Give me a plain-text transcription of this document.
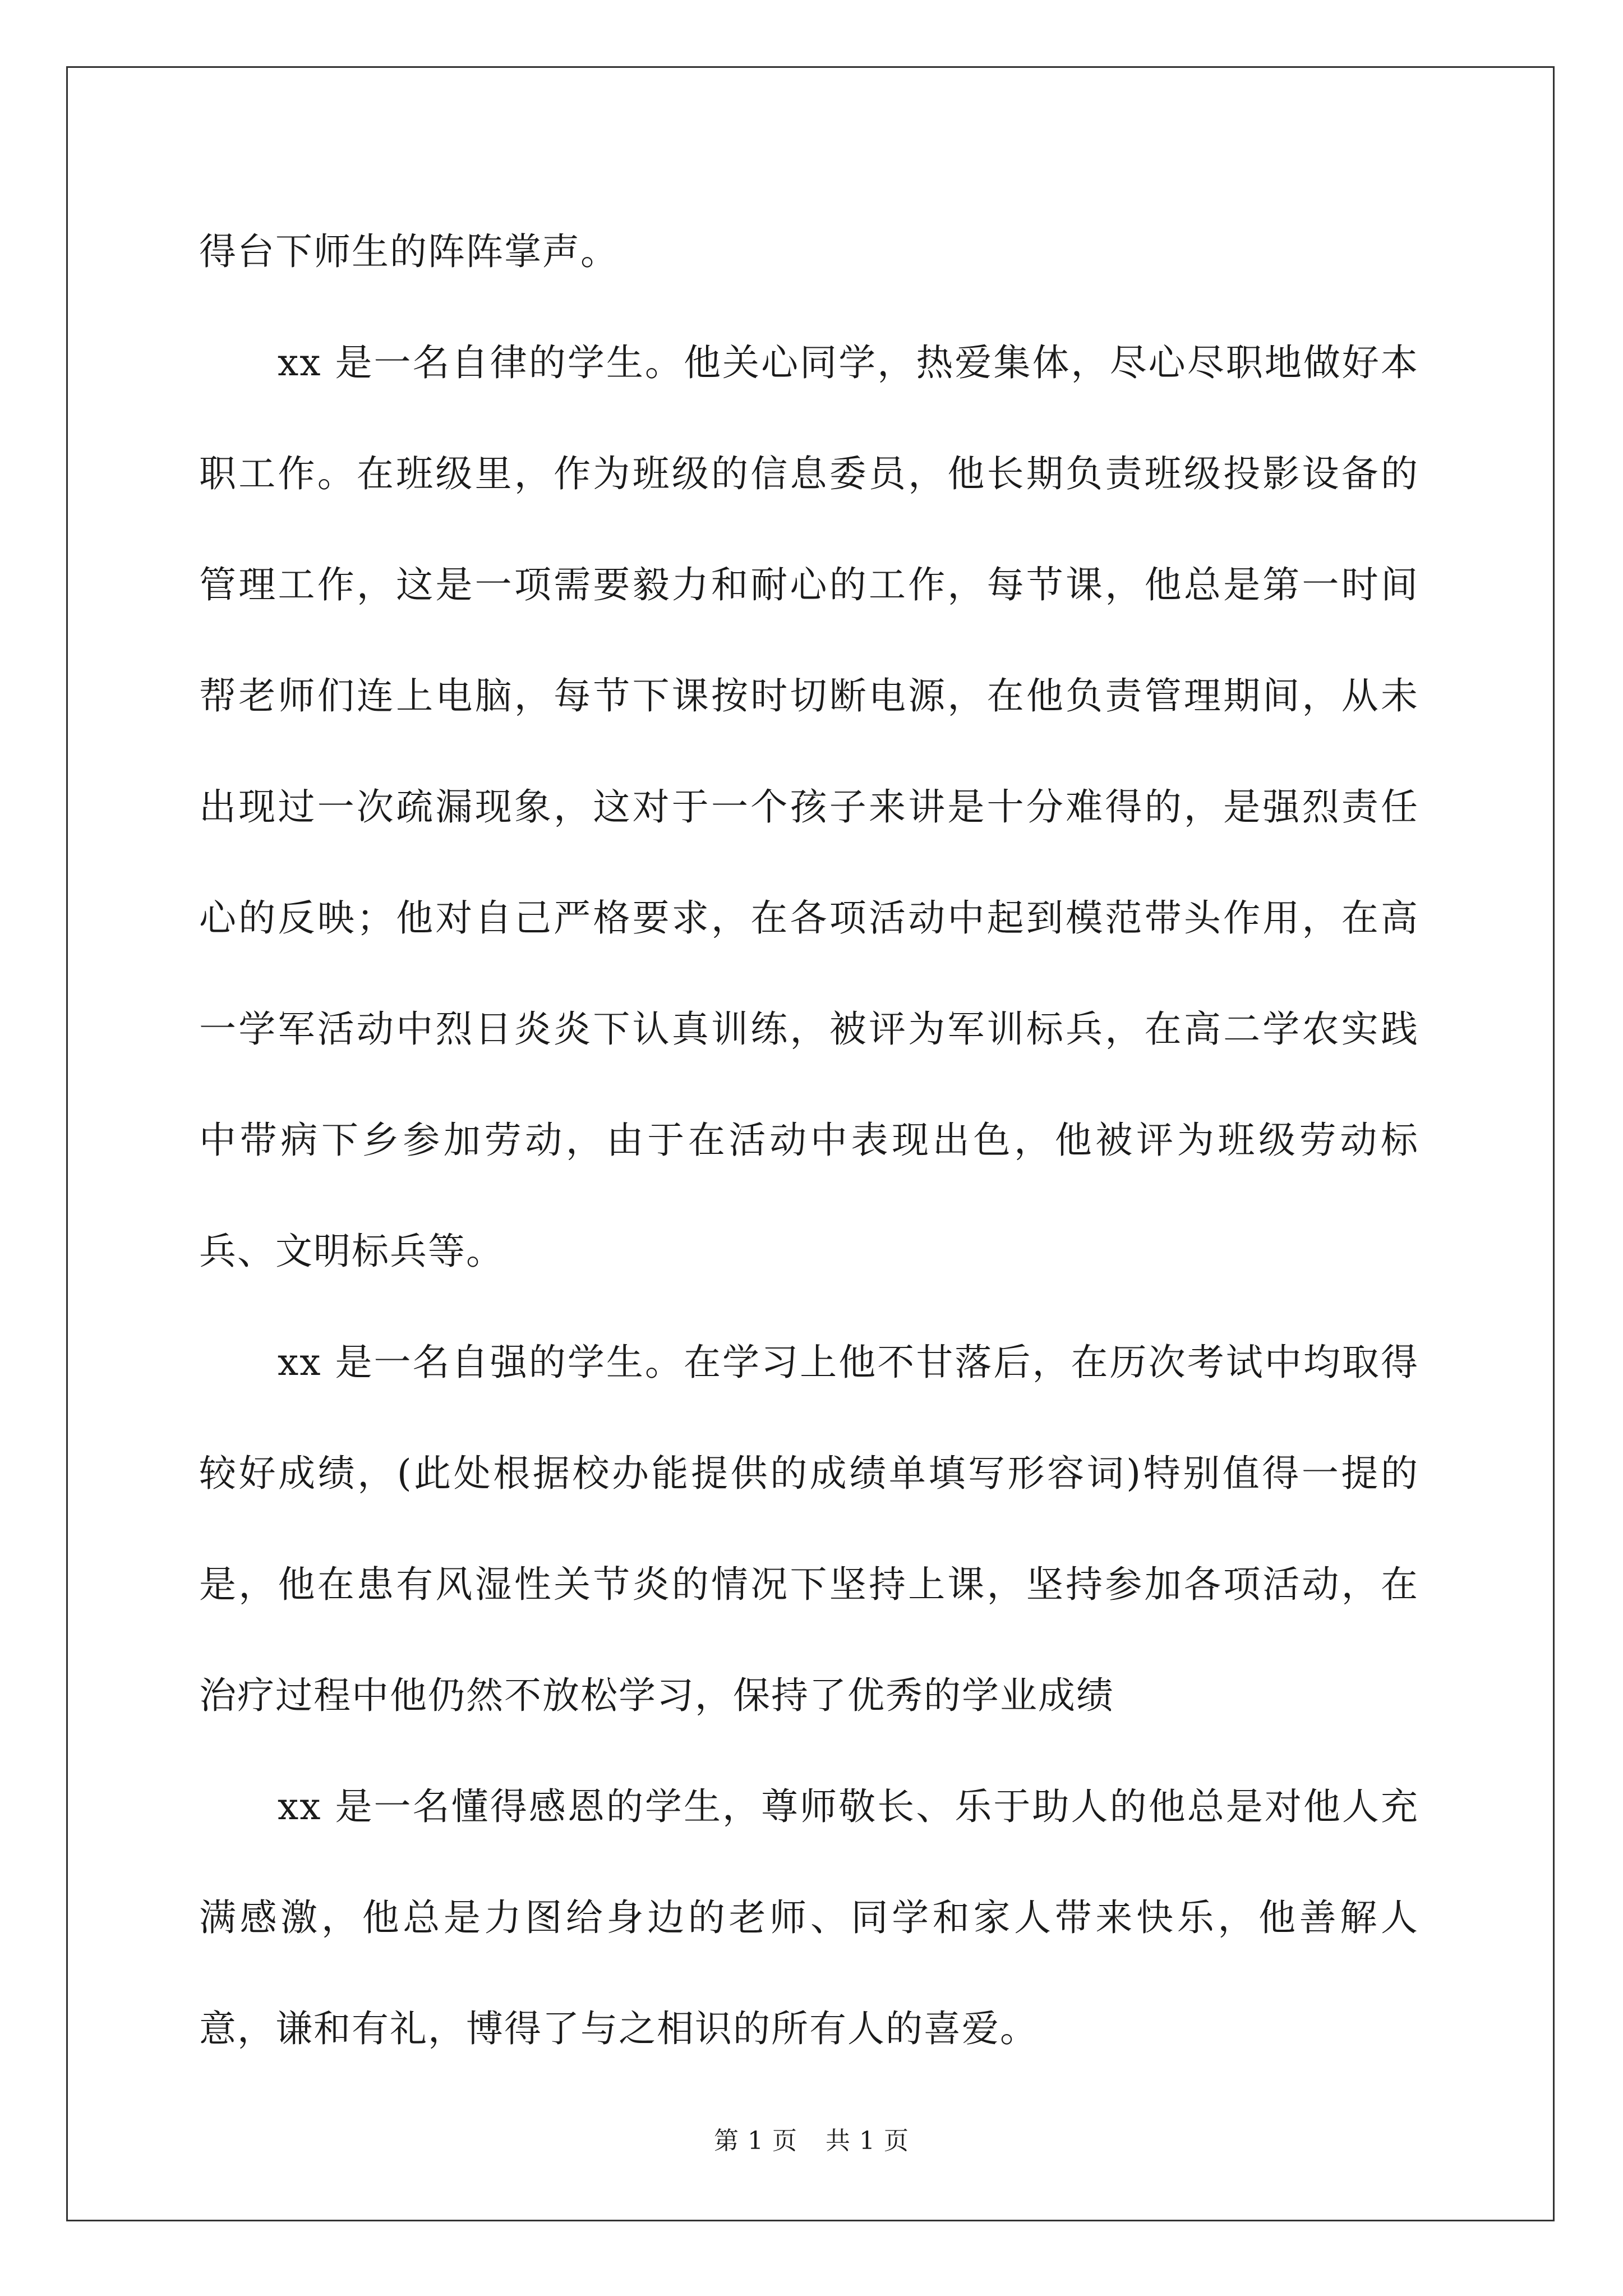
得台下师生的阵阵掌声。

xx 是一名自律的学生。他关心同学，热爱集体，尽心尽职地做好本职工作。在班级里，作为班级的信息委员，他长期负责班级投影设备的管理工作，这是一项需要毅力和耐心的工作，每节课，他总是第一时间帮老师们连上电脑，每节下课按时切断电源，在他负责管理期间，从未出现过一次疏漏现象，这对于一个孩子来讲是十分难得的，是强烈责任心的反映；他对自己严格要求，在各项活动中起到模范带头作用，在高一学军活动中烈日炎炎下认真训练，被评为军训标兵，在高二学农实践中带病下乡参加劳动，由于在活动中表现出色，他被评为班级劳动标兵、文明标兵等。

xx 是一名自强的学生。在学习上他不甘落后，在历次考试中均取得较好成绩，(此处根据校办能提供的成绩单填写形容词)特别值得一提的是，他在患有风湿性关节炎的情况下坚持上课，坚持参加各项活动，在治疗过程中他仍然不放松学习，保持了优秀的学业成绩

xx 是一名懂得感恩的学生，尊师敬长、乐于助人的他总是对他人充满感激，他总是力图给身边的老师、同学和家人带来快乐，他善解人意，谦和有礼，博得了与之相识的所有人的喜爱。

第 1 页 共 1 页
